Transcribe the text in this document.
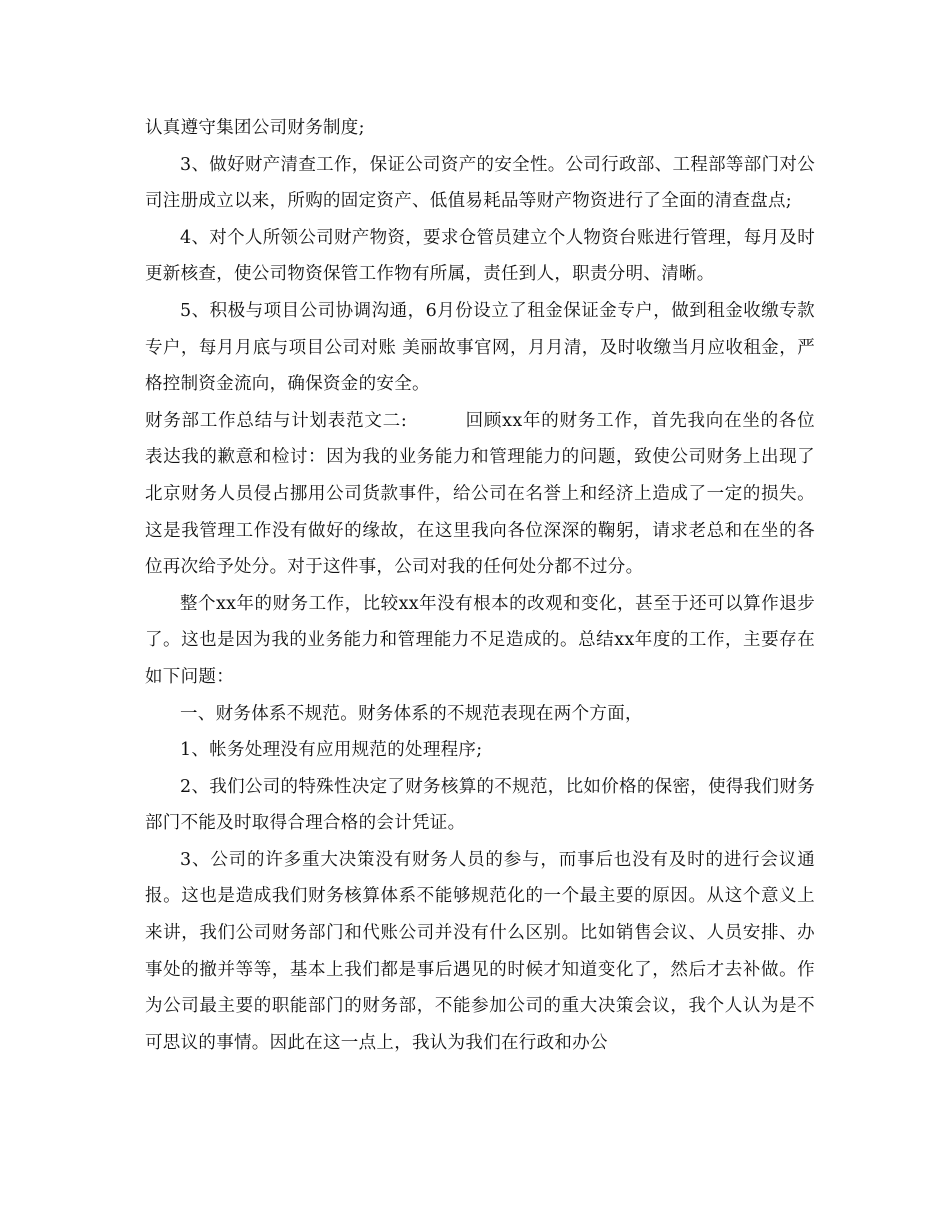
认真遵守集团公司财务制度;

3、做好财产清查工作，保证公司资产的安全性。公司行政部、工程部等部门对公司注册成立以来，所购的固定资产、低值易耗品等财产物资进行了全面的清查盘点;

4、对个人所领公司财产物资，要求仓管员建立个人物资台账进行管理，每月及时更新核查，使公司物资保管工作物有所属，责任到人，职责分明、清晰。

5、积极与项目公司协调沟通，6月份设立了租金保证金专户，做到租金收缴专款专户，每月月底与项目公司对账 美丽故事官网，月月清，及时收缴当月应收租金，严格控制资金流向，确保资金的安全。

财务部工作总结与计划表范文二:	回顾xx年的财务工作，首先我向在坐的各位表达我的歉意和检讨：因为我的业务能力和管理能力的问题，致使公司财务上出现了北京财务人员侵占挪用公司货款事件，给公司在名誉上和经济上造成了一定的损失。这是我管理工作没有做好的缘故，在这里我向各位深深的鞠躬，请求老总和在坐的各位再次给予处分。对于这件事，公司对我的任何处分都不过分。

整个xx年的财务工作，比较xx年没有根本的改观和变化，甚至于还可以算作退步了。这也是因为我的业务能力和管理能力不足造成的。总结xx年度的工作，主要存在如下问题：

一、财务体系不规范。财务体系的不规范表现在两个方面，

1、帐务处理没有应用规范的处理程序;

2、我们公司的特殊性决定了财务核算的不规范，比如价格的保密，使得我们财务部门不能及时取得合理合格的会计凭证。

3、公司的许多重大决策没有财务人员的参与，而事后也没有及时的进行会议通报。这也是造成我们财务核算体系不能够规范化的一个最主要的原因。从这个意义上来讲，我们公司财务部门和代账公司并没有什么区别。比如销售会议、人员安排、办事处的撤并等等，基本上我们都是事后遇见的时候才知道变化了，然后才去补做。作为公司最主要的职能部门的财务部，不能参加公司的重大决策会议，我个人认为是不可思议的事情。因此在这一点上，我认为我们在行政和办公
